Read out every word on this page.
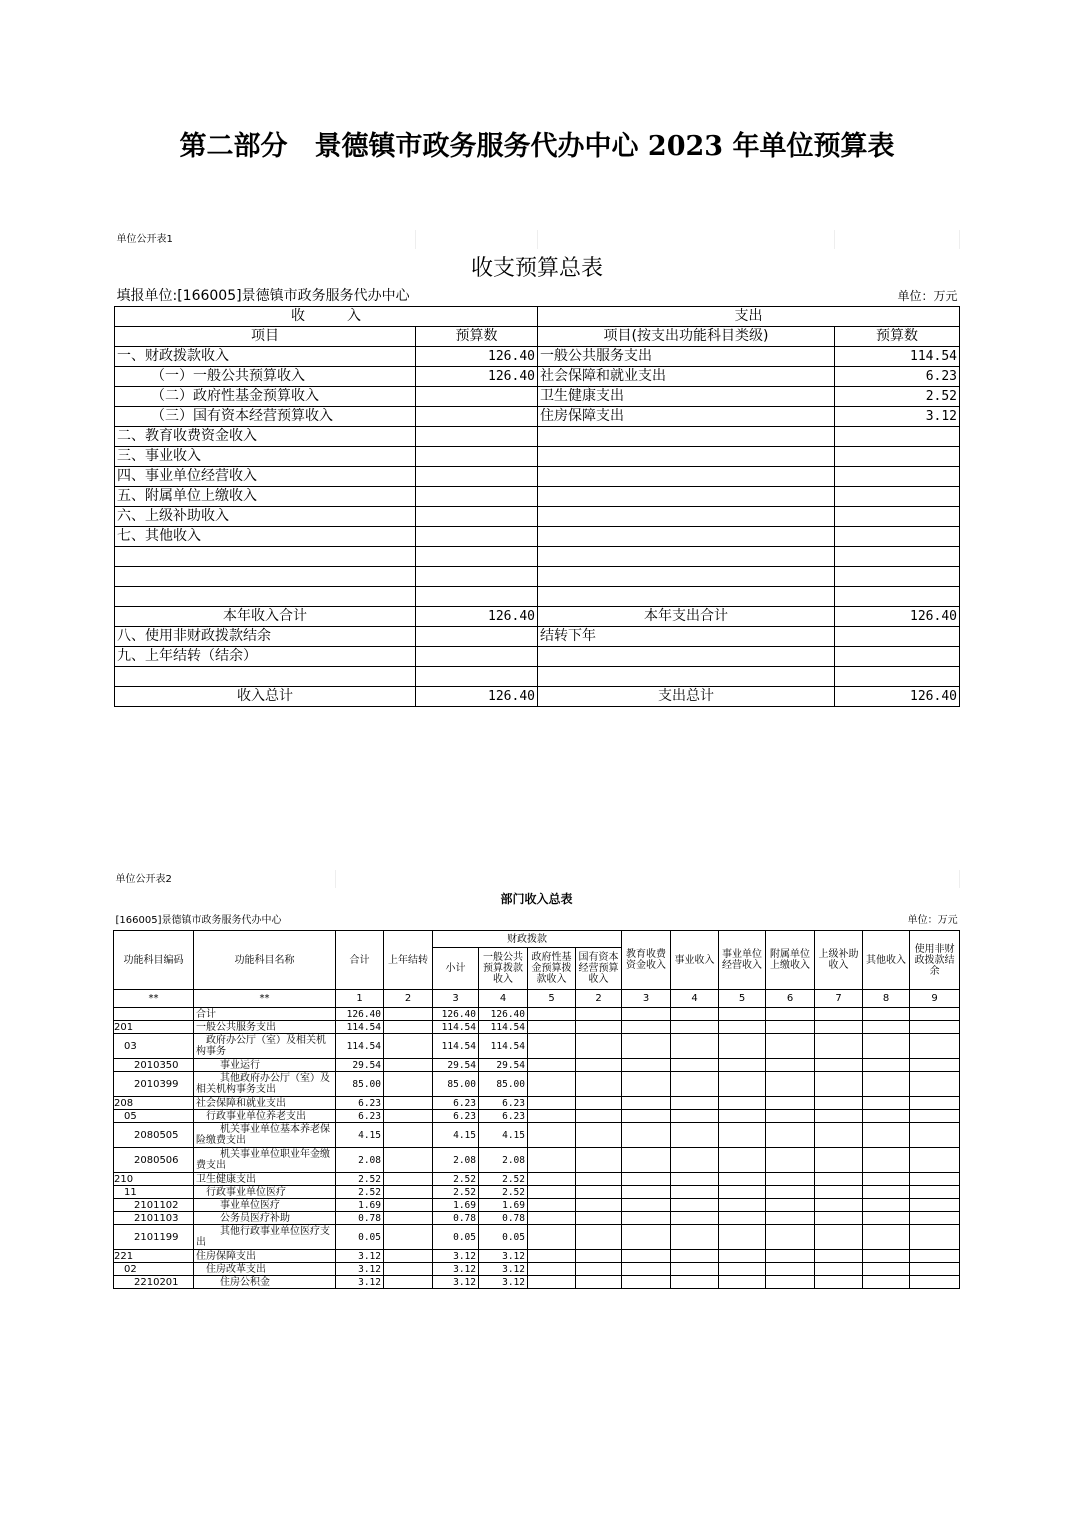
第二部分　景德镇市政务服务代办中心 2023 年单位预算表
单位公开表1			
收支预算总表			
填报单位:[166005]景德镇市政务服务代办中心			单位：万元
收　　　入		支出	
项目	预算数	项目(按支出功能科目类级)	预算数
一、财政拨款收入	126.40	一般公共服务支出	114.54
（一）一般公共预算收入	126.40	社会保障和就业支出	6.23
（二）政府性基金预算收入		卫生健康支出	2.52
（三）国有资本经营预算收入		住房保障支出	3.12
二、教育收费资金收入			
三、事业收入			
四、事业单位经营收入			
五、附属单位上缴收入			
六、上级补助收入			
七、其他收入			

本年收入合计	126.40	本年支出合计	126.40
八、使用非财政拨款结余		结转下年	
九、上年结转（结余）			

收入总计	126.40	支出总计	126.40
单位公开表2														
部门收入总表														
[166005]景德镇市政务服务代办中心								单位：万元						
功能科目编码	功能科目名称	合计	上年结转	财政拨款				教育收费资金收入	事业收入	事业单位经营收入	附属单位上缴收入	上级补助收入	其他收入	使用非财政拨款结余
				小计	一般公共预算拨款收入	政府性基金预算拨款收入	国有资本经营预算收入							
**	**	1	2	3	4	5	2	3	4	5	6	7	8	9
	合计	126.40		126.40	126.40									
201	一般公共服务支出	114.54		114.54	114.54									
03	政府办公厅（室）及相关机构事务	114.54		114.54	114.54									
2010350	事业运行	29.54		29.54	29.54									
2010399	其他政府办公厅（室）及相关机构事务支出	85.00		85.00	85.00									
208	社会保障和就业支出	6.23		6.23	6.23									
05	行政事业单位养老支出	6.23		6.23	6.23									
2080505	机关事业单位基本养老保险缴费支出	4.15		4.15	4.15									
2080506	机关事业单位职业年金缴费支出	2.08		2.08	2.08									
210	卫生健康支出	2.52		2.52	2.52									
11	行政事业单位医疗	2.52		2.52	2.52									
2101102	事业单位医疗	1.69		1.69	1.69									
2101103	公务员医疗补助	0.78		0.78	0.78									
2101199	其他行政事业单位医疗支出	0.05		0.05	0.05									
221	住房保障支出	3.12		3.12	3.12									
02	住房改革支出	3.12		3.12	3.12									
2210201	住房公积金	3.12		3.12	3.12									
